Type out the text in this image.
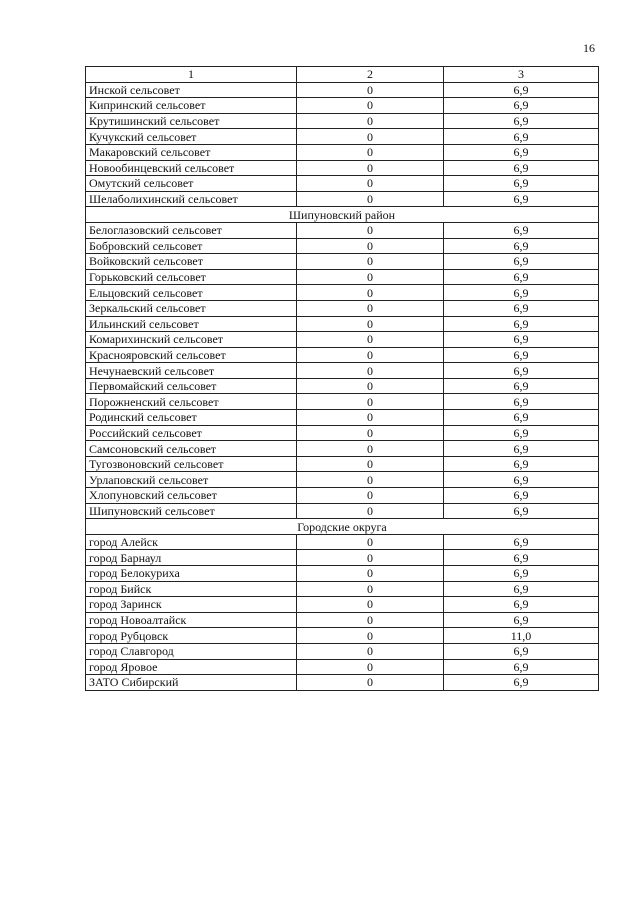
16
1	2	3
Инской сельсовет	0	6,9
Кипринский сельсовет	0	6,9
Крутишинский сельсовет	0	6,9
Кучукский сельсовет	0	6,9
Макаровский сельсовет	0	6,9
Новообинцевский сельсовет	0	6,9
Омутский сельсовет	0	6,9
Шелаболихинский сельсовет	0	6,9
Шипуновский район		
Белоглазовский сельсовет	0	6,9
Бобровский сельсовет	0	6,9
Войковский сельсовет	0	6,9
Горьковский сельсовет	0	6,9
Ельцовский сельсовет	0	6,9
Зеркальский сельсовет	0	6,9
Ильинский сельсовет	0	6,9
Комарихинский сельсовет	0	6,9
Краснояровский сельсовет	0	6,9
Нечунаевский сельсовет	0	6,9
Первомайский сельсовет	0	6,9
Порожненский сельсовет	0	6,9
Родинский сельсовет	0	6,9
Российский сельсовет	0	6,9
Самсоновский сельсовет	0	6,9
Тугозвоновский сельсовет	0	6,9
Урлаповский сельсовет	0	6,9
Хлопуновский сельсовет	0	6,9
Шипуновский сельсовет	0	6,9
Городские округа		
город Алейск	0	6,9
город Барнаул	0	6,9
город Белокуриха	0	6,9
город Бийск	0	6,9
город Заринск	0	6,9
город Новоалтайск	0	6,9
город Рубцовск	0	11,0
город Славгород	0	6,9
город Яровое	0	6,9
ЗАТО Сибирский	0	6,9
